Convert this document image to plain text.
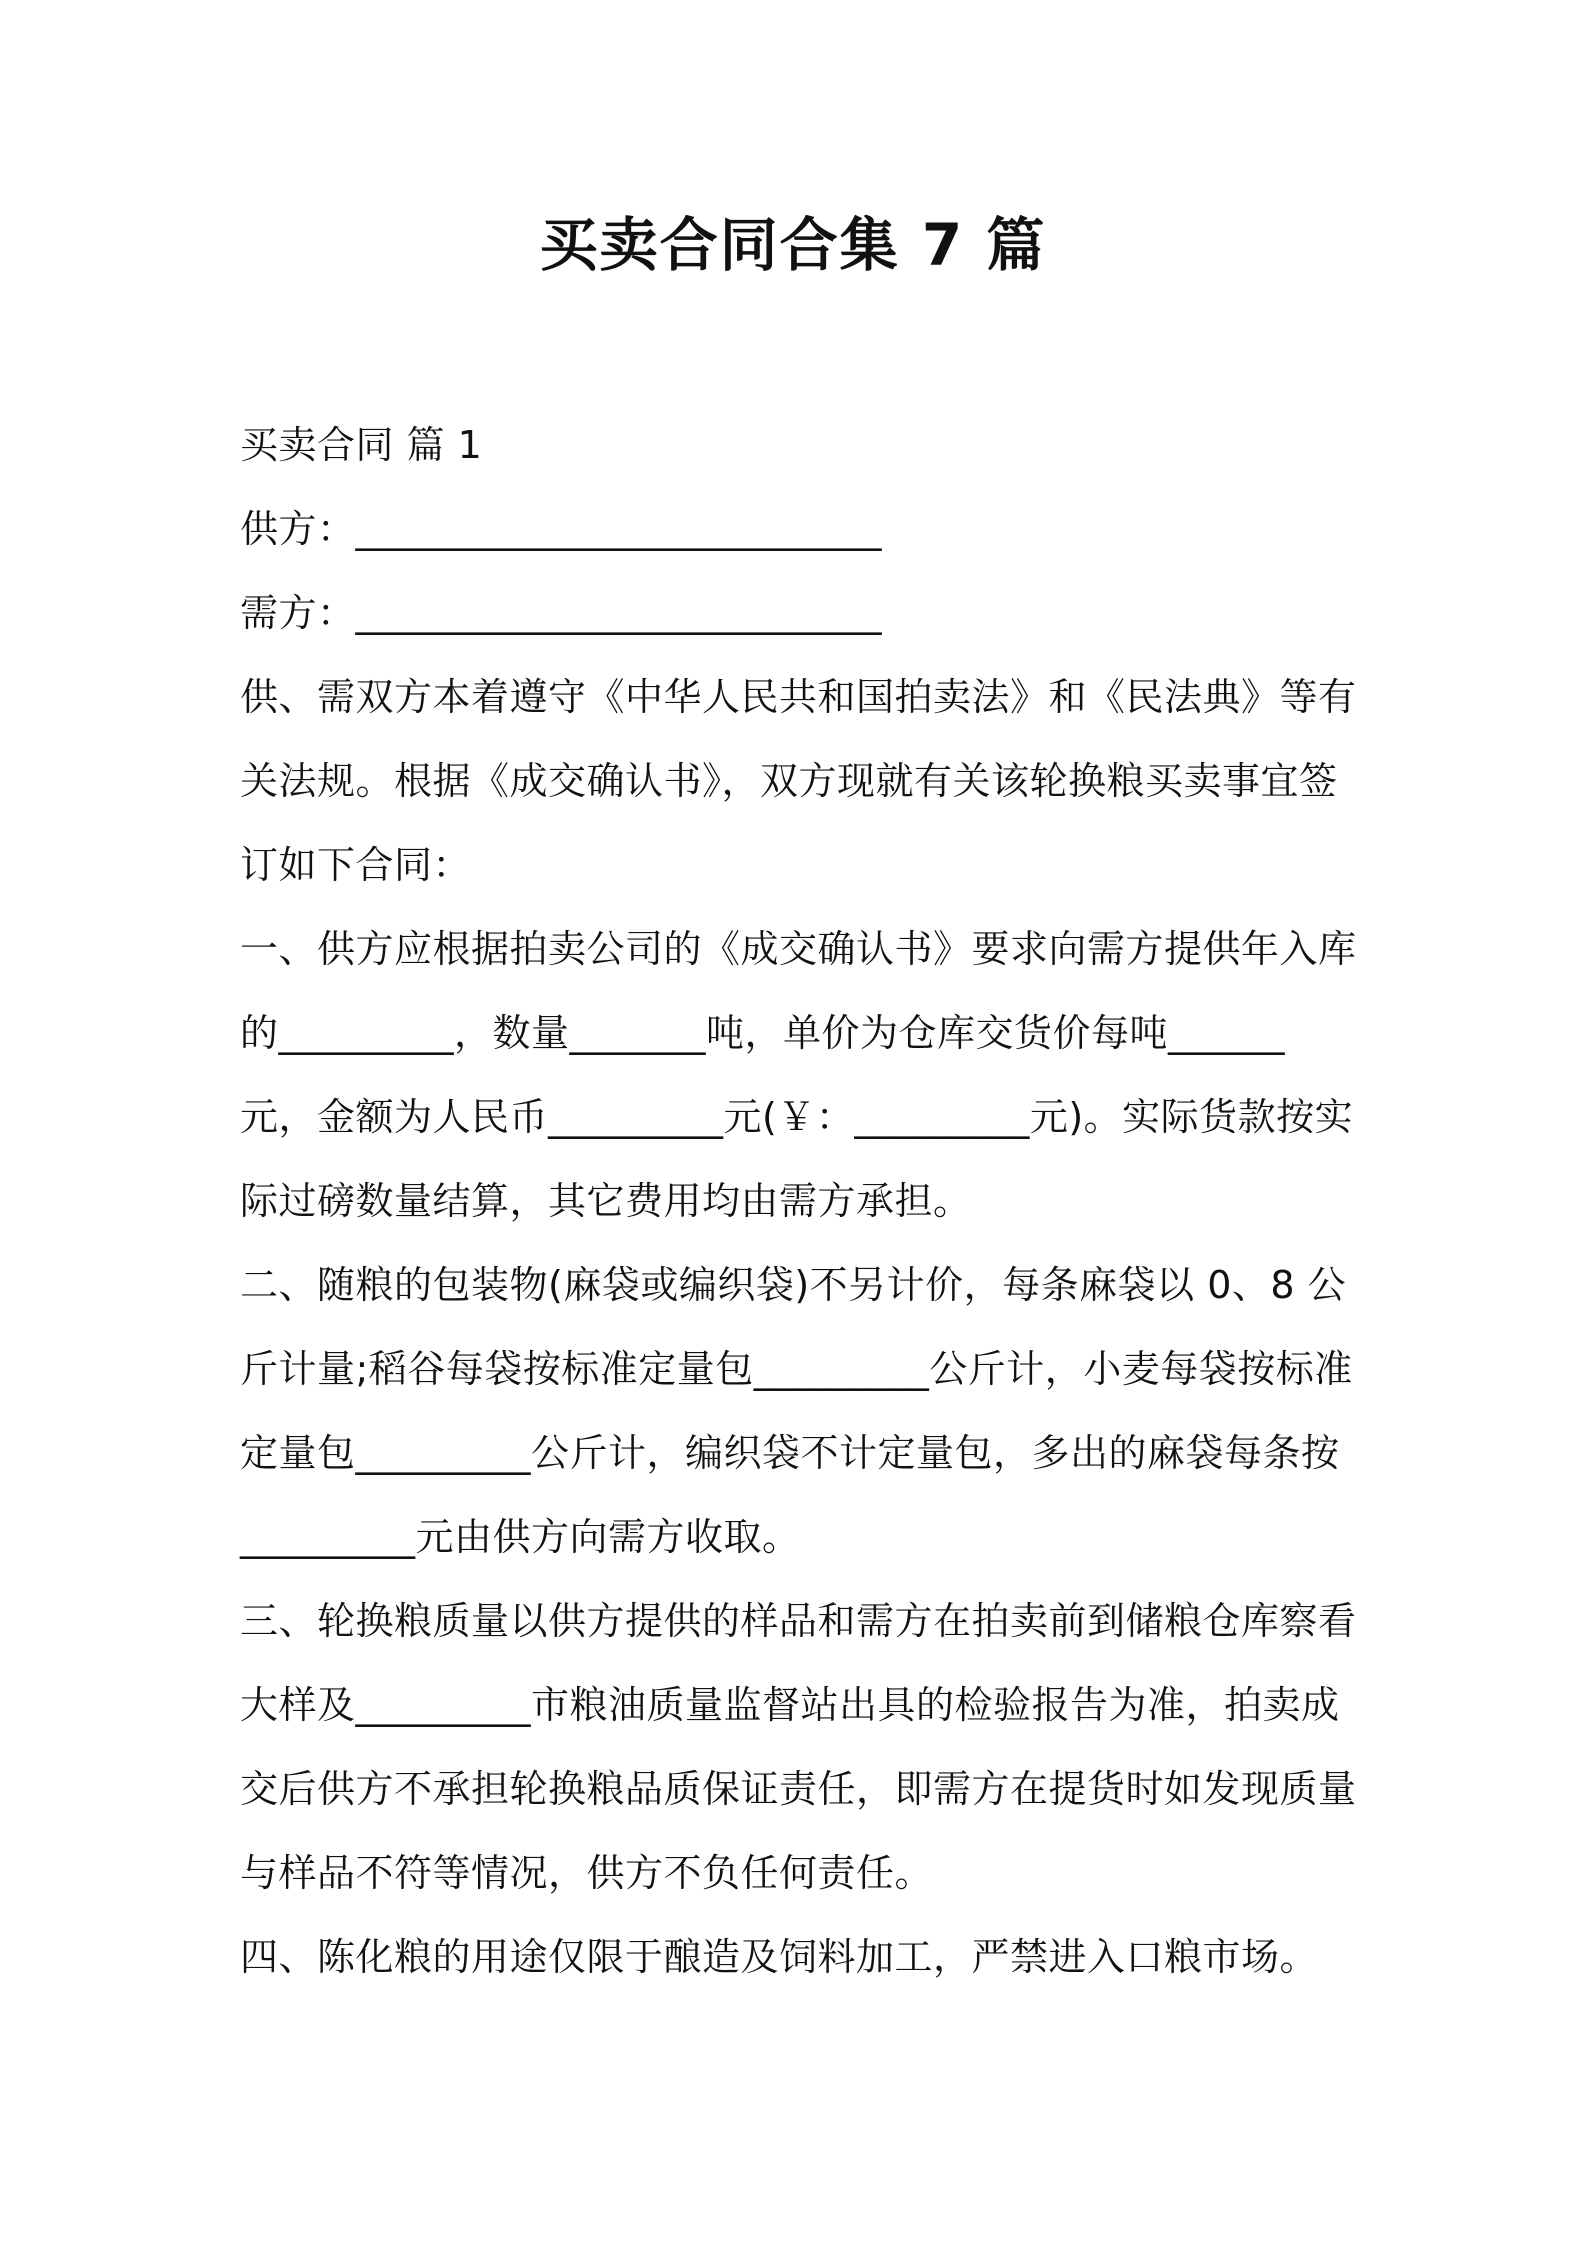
买卖合同合集 7 篇

买卖合同 篇 1

供方：___________________________

需方：___________________________

供、需双方本着遵守《中华人民共和国拍卖法》和《民法典》等有关法规。根据《成交确认书》，双方现就有关该轮换粮买卖事宜签订如下合同：

一、供方应根据拍卖公司的《成交确认书》要求向需方提供年入库的_________，数量_______吨，单价为仓库交货价每吨______元，金额为人民币_________元(￥：_________元)。实际货款按实际过磅数量结算，其它费用均由需方承担。

二、随粮的包装物(麻袋或编织袋)不另计价，每条麻袋以 0、8 公斤计量;稻谷每袋按标准定量包_________公斤计，小麦每袋按标准定量包_________公斤计，编织袋不计定量包，多出的麻袋每条按_________元由供方向需方收取。

三、轮换粮质量以供方提供的样品和需方在拍卖前到储粮仓库察看大样及_________市粮油质量监督站出具的检验报告为准，拍卖成交后供方不承担轮换粮品质保证责任，即需方在提货时如发现质量与样品不符等情况，供方不负任何责任。

四、陈化粮的用途仅限于酿造及饲料加工，严禁进入口粮市场。
